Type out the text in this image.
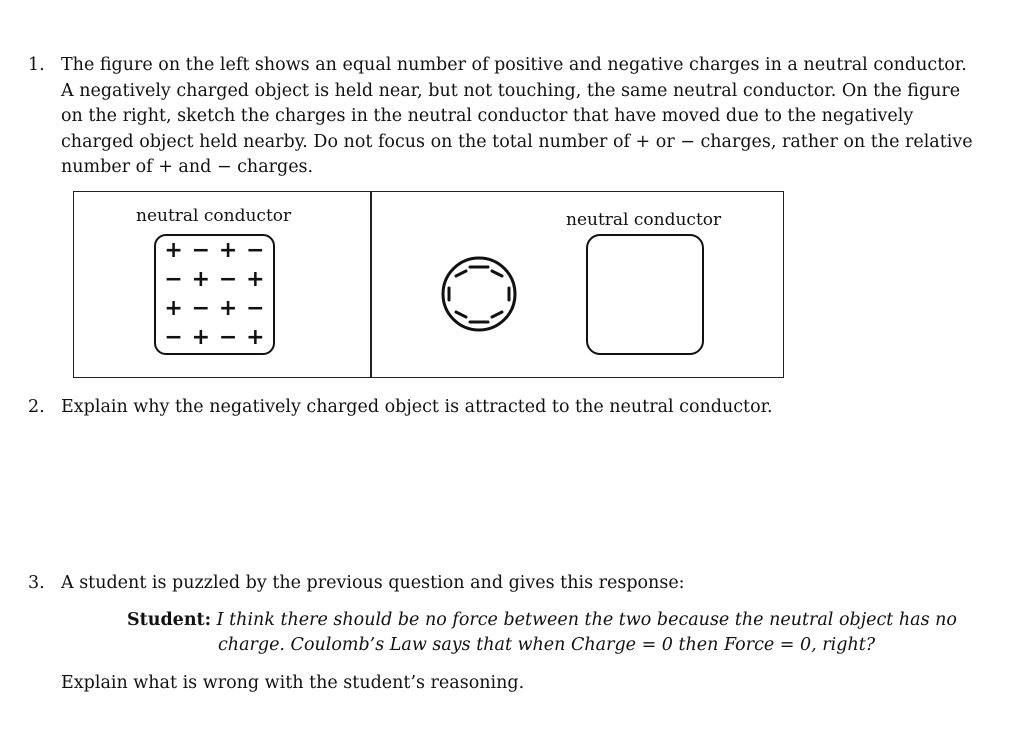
1. The figure on the left shows an equal number of positive and negative charges in a neutral conductor.
A negatively charged object is held near, but not touching, the same neutral conductor. On the figure
on the right, sketch the charges in the neutral conductor that have moved due to the negatively
charged object held nearby. Do not focus on the total number of + or − charges, rather on the relative
number of + and − charges.
neutral conductor
+ − + −
− + − +
+ − + −
− + − +
neutral conductor
2. Explain why the negatively charged object is attracted to the neutral conductor.
3. A student is puzzled by the previous question and gives this response:
Student: I think there should be no force between the two because the neutral object has no
charge. Coulomb’s Law says that when Charge = 0 then Force = 0, right?
Explain what is wrong with the student’s reasoning.
